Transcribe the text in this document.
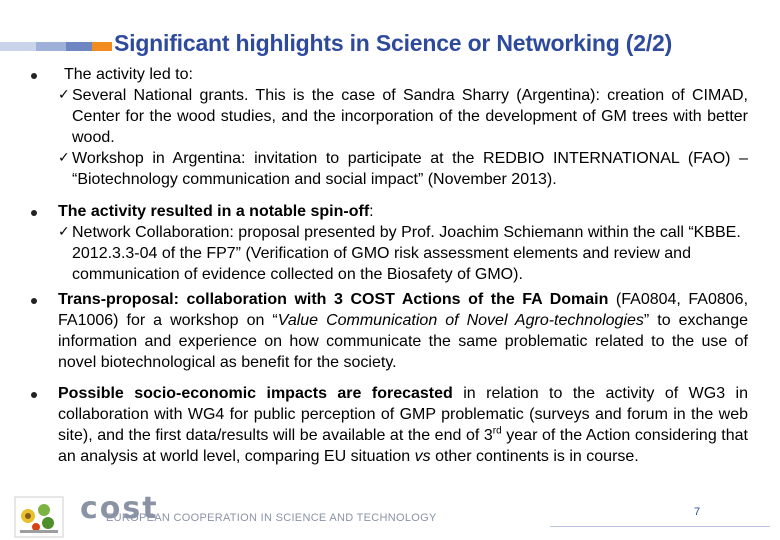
Significant highlights in Science or Networking (2/2)

The activity led to:

✓ Several National grants. This is the case of Sandra Sharry (Argentina): creation of CIMAD, Center for the wood studies, and the incorporation of the development of GM trees with better wood.
✓ Workshop in Argentina: invitation to participate at the REDBIO INTERNATIONAL (FAO) – “Biotechnology communication and social impact” (November 2013).

The activity resulted in a notable spin-off:

✓ Network Collaboration: proposal presented by Prof. Joachim Schiemann within the call “KBBE. 2012.3.3-04 of the FP7” (Verification of GMO risk assessment elements and review and communication of evidence collected on the Biosafety of GMO).

Trans-proposal: collaboration with 3 COST Actions of the FA Domain (FA0804, FA0806, FA1006) for a workshop on “Value Communication of Novel Agro-technologies” to exchange information and experience on how communicate the same problematic related to the use of novel biotechnological as benefit for the society.

Possible socio-economic impacts are forecasted in relation to the activity of WG3 in collaboration with WG4 for public perception of GMP problematic (surveys and forum in the web site), and the first data/results will be available at the end of 3rd year of the Action considering that an analysis at world level, comparing EU situation vs other continents is in course.

cost
EUROPEAN COOPERATION IN SCIENCE AND TECHNOLOGY	7
